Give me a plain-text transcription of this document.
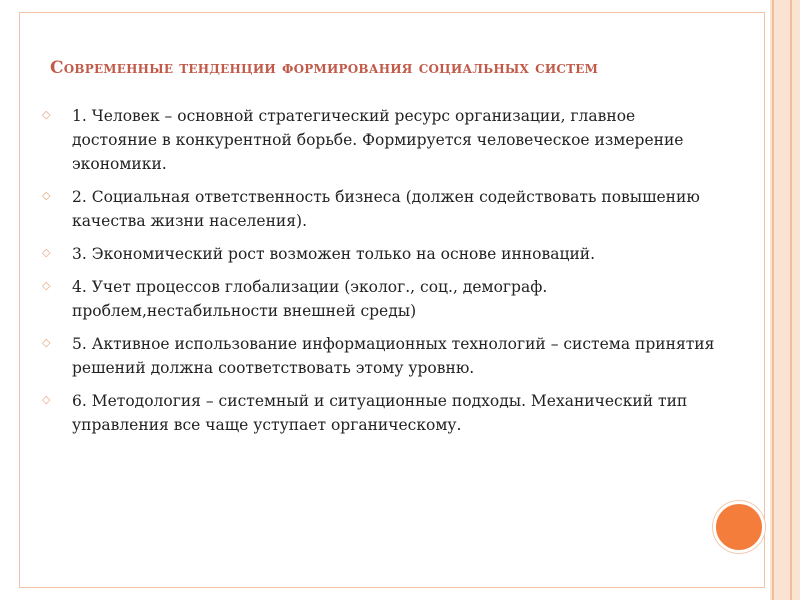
Современные тенденции формирования социальных систем
◇ 1. Человек – основной стратегический ресурс организации, главное достояние в конкурентной борьбе. Формируется человеческое измерение экономики.
◇ 2. Социальная ответственность бизнеса (должен содействовать повышению качества жизни населения).
◇ 3. Экономический рост возможен только на основе инноваций.
◇ 4. Учет процессов глобализации (эколог., соц., демограф. проблем,нестабильности внешней среды)
◇ 5. Активное использование информационных технологий – система принятия решений должна соответствовать этому уровню.
◇ 6. Методология – системный и ситуационные подходы. Механический тип управления все чаще уступает органическому.
